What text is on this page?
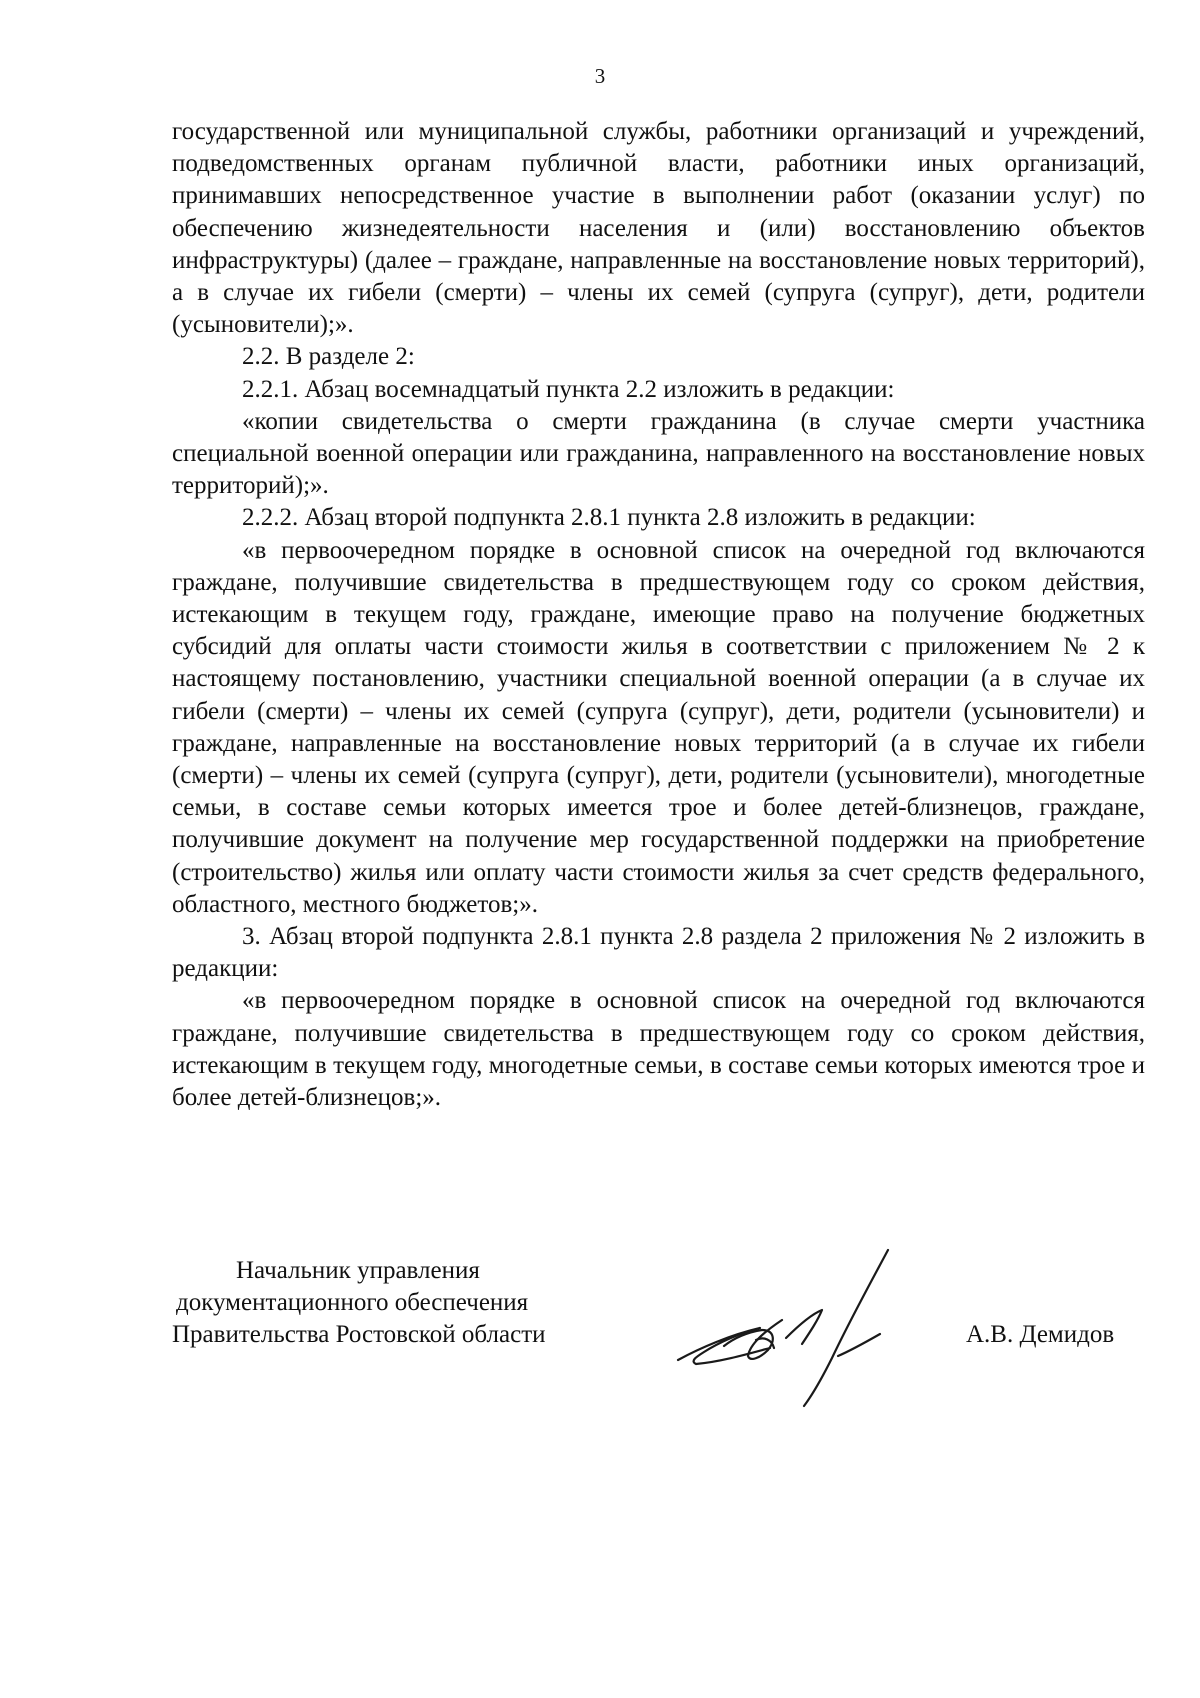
3

государственной или муниципальной службы, работники организаций и учреждений, подведомственных органам публичной власти, работники иных организаций, принимавших непосредственное участие в выполнении работ (оказании услуг) по обеспечению жизнедеятельности населения и (или) восстановлению объектов инфраструктуры) (далее – граждане, направленные на восстановление новых территорий), а в случае их гибели (смерти) – члены их семей (супруга (супруг), дети, родители (усыновители);».

2.2. В разделе 2:

2.2.1. Абзац восемнадцатый пункта 2.2 изложить в редакции:

«копии свидетельства о смерти гражданина (в случае смерти участника специальной военной операции или гражданина, направленного на восстановление новых территорий);».

2.2.2. Абзац второй подпункта 2.8.1 пункта 2.8 изложить в редакции:

«в первоочередном порядке в основной список на очередной год включаются граждане, получившие свидетельства в предшествующем году со сроком действия, истекающим в текущем году, граждане, имеющие право на получение бюджетных субсидий для оплаты части стоимости жилья в соответствии с приложением № 2 к настоящему постановлению, участники специальной военной операции (а в случае их гибели (смерти) – члены их семей (супруга (супруг), дети, родители (усыновители) и граждане, направленные на восстановление новых территорий (а в случае их гибели (смерти) – члены их семей (супруга (супруг), дети, родители (усыновители), многодетные семьи, в составе семьи которых имеется трое и более детей-близнецов, граждане, получившие документ на получение мер государственной поддержки на приобретение (строительство) жилья или оплату части стоимости жилья за счет средств федерального, областного, местного бюджетов;».

3. Абзац второй подпункта 2.8.1 пункта 2.8 раздела 2 приложения № 2 изложить в редакции:

«в первоочередном порядке в основной список на очередной год включаются граждане, получившие свидетельства в предшествующем году со сроком действия, истекающим в текущем году, многодетные семьи, в составе семьи которых имеются трое и более детей-близнецов;».

Начальник управления
документационного обеспечения
Правительства Ростовской области	А.В. Демидов
